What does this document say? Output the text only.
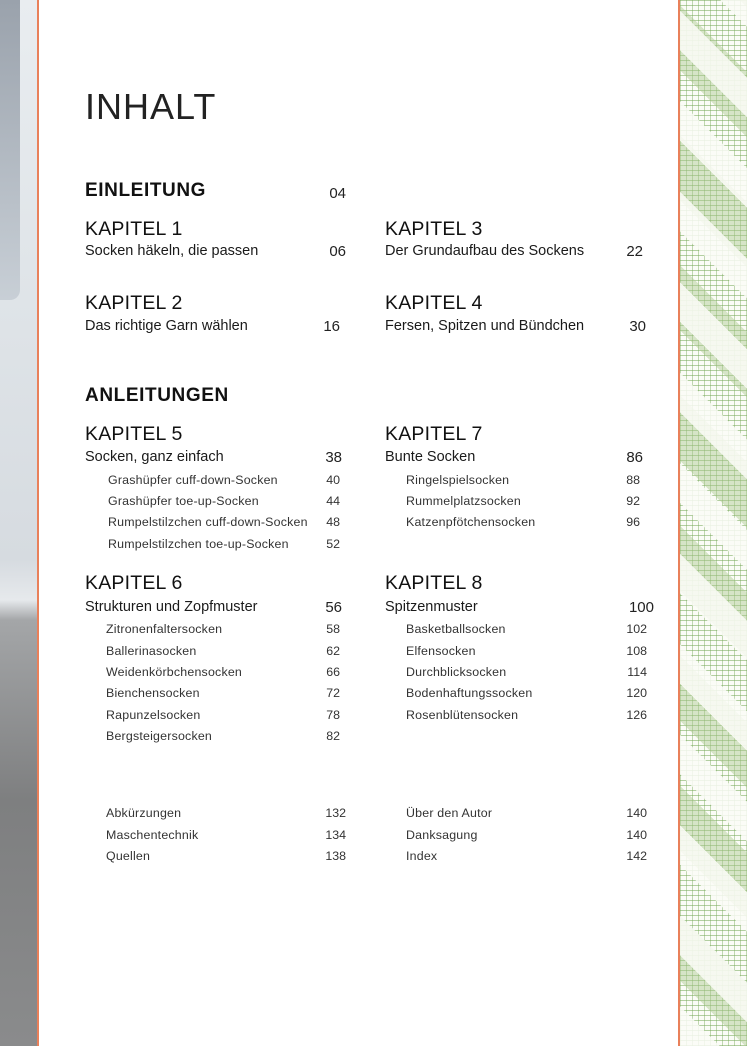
INHALT
EINLEITUNG	04
KAPITEL 1
Socken häkeln, die passen	06
KAPITEL 3
Der Grundaufbau des Sockens	22
KAPITEL 2
Das richtige Garn wählen	16
KAPITEL 4
Fersen, Spitzen und Bündchen	30
ANLEITUNGEN
KAPITEL 5
Socken, ganz einfach	38
Grashüpfer cuff-down-Socken	40
Grashüpfer toe-up-Socken	44
Rumpelstilzchen cuff-down-Socken	48
Rumpelstilzchen toe-up-Socken	52
KAPITEL 7
Bunte Socken	86
Ringelspielsocken	88
Rummelplatzsocken	92
Katzenpfötchensocken	96
KAPITEL 6
Strukturen und Zopfmuster	56
Zitronenfaltersocken	58
Ballerinasocken	62
Weidenkörbchensocken	66
Bienchensocken	72
Rapunzelsocken	78
Bergsteigersocken	82
KAPITEL 8
Spitzenmuster	100
Basketballsocken	102
Elfensocken	108
Durchblicksocken	114
Bodenhaftungssocken	120
Rosenblütensocken	126
Abkürzungen	132
Maschentechnik	134
Quellen	138
Über den Autor	140
Danksagung	140
Index	142
